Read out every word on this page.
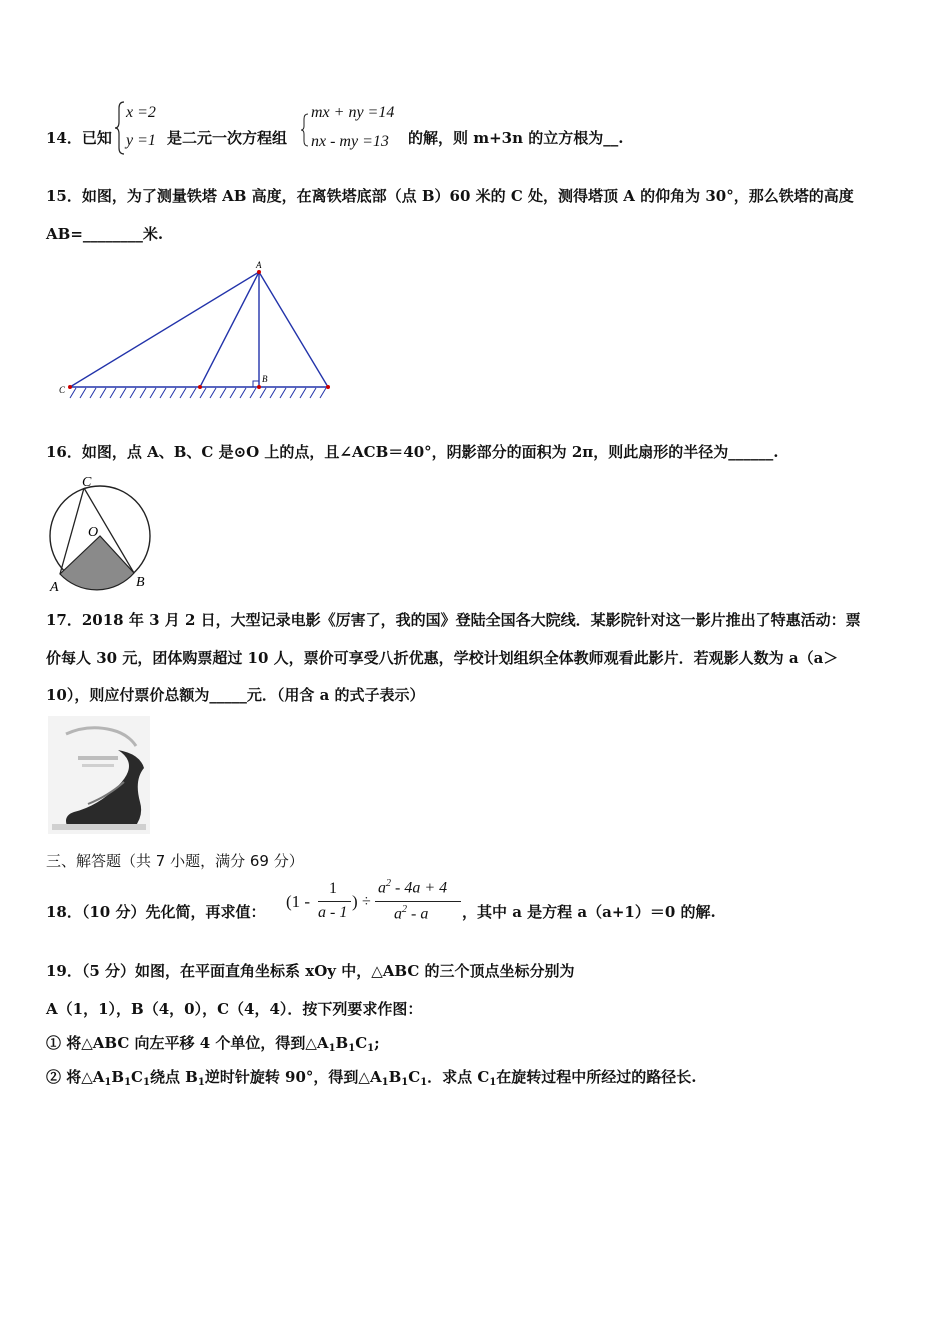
14．已知
x =2
y =1 是二元一次方程组
mx + ny =14
nx - my =13 的解，则 m+3n 的立方根为__.
15．如图，为了测量铁塔 AB 高度，在离铁塔底部（点 B）60 米的 C 处，测得塔顶 A 的仰角为 30°，那么铁塔的高度
AB=________米.
A
B
C
16．如图，点 A、B、C 是⊙O 上的点，且∠ACB＝40°，阴影部分的面积为 2π，则此扇形的半径为______.
C
O
A	B
17．2018 年 3 月 2 日，大型记录电影《厉害了，我的国》登陆全国各大院线．某影院针对这一影片推出了特惠活动：票
价每人 30 元，团体购票超过 10 人，票价可享受八折优惠，学校计划组织全体教师观看此影片．若观影人数为 a（a＞
10），则应付票价总额为_____元．（用含 a 的式子表示）
三、解答题（共 7 小题，满分 69 分）
18．（10 分）先化简，再求值：
(1 -
1
a - 1
) ÷
$a^2 - 4a + 4$
$a^2$ - a ，其中 a 是方程 a（a+1）＝0 的解.
19．（5 分）如图，在平面直角坐标系 xOy 中，△ABC 的三个顶点坐标分别为
A（1，1），B（4，0），C（4，4）．按下列要求作图：
① 将△ABC 向左平移 4 个单位，得到$\triangle A_1B_1C_1$;
② 将$\triangle A_1B_1C_1$绕点 $B_1$逆时针旋转 90°，得到$\triangle A_1B_1C_1$．求点 $C_1$在旋转过程中所经过的路径长.
